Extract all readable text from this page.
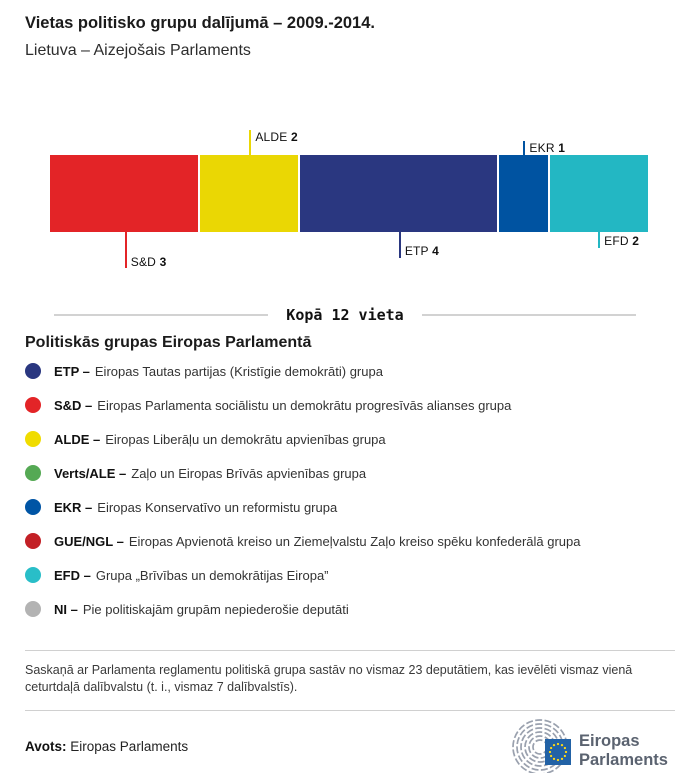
Vietas politisko grupu dalījumā – 2009.-2014.
Lietuva – Aizejošais Parlaments
S&D 3
ALDE 2
ETP 4
EKR 1
EFD 2
Kopā 12 vieta
Politiskās grupas Eiropas Parlamentā
ETP – Eiropas Tautas partijas (Kristīgie demokrāti) grupa
S&D – Eiropas Parlamenta sociālistu un demokrātu progresīvās alianses grupa
ALDE – Eiropas Liberāļu un demokrātu apvienības grupa
Verts/ALE – Zaļo un Eiropas Brīvās apvienības grupa
EKR – Eiropas Konservatīvo un reformistu grupa
GUE/NGL – Eiropas Apvienotā kreiso un Ziemeļvalstu Zaļo kreiso spēku konfederālā grupa
EFD – Grupa „Brīvības un demokrātijas Eiropa”
NI – Pie politiskajām grupām nepiederošie deputāti

Saskaņā ar Parlamenta reglamentu politiskā grupa sastāv no vismaz 23 deputātiem, kas ievēlēti vismaz vienā ceturtdaļā dalībvalstu (t. i., vismaz 7 dalībvalstīs).

Avots: Eiropas Parlaments	Eiropas
Parlaments
